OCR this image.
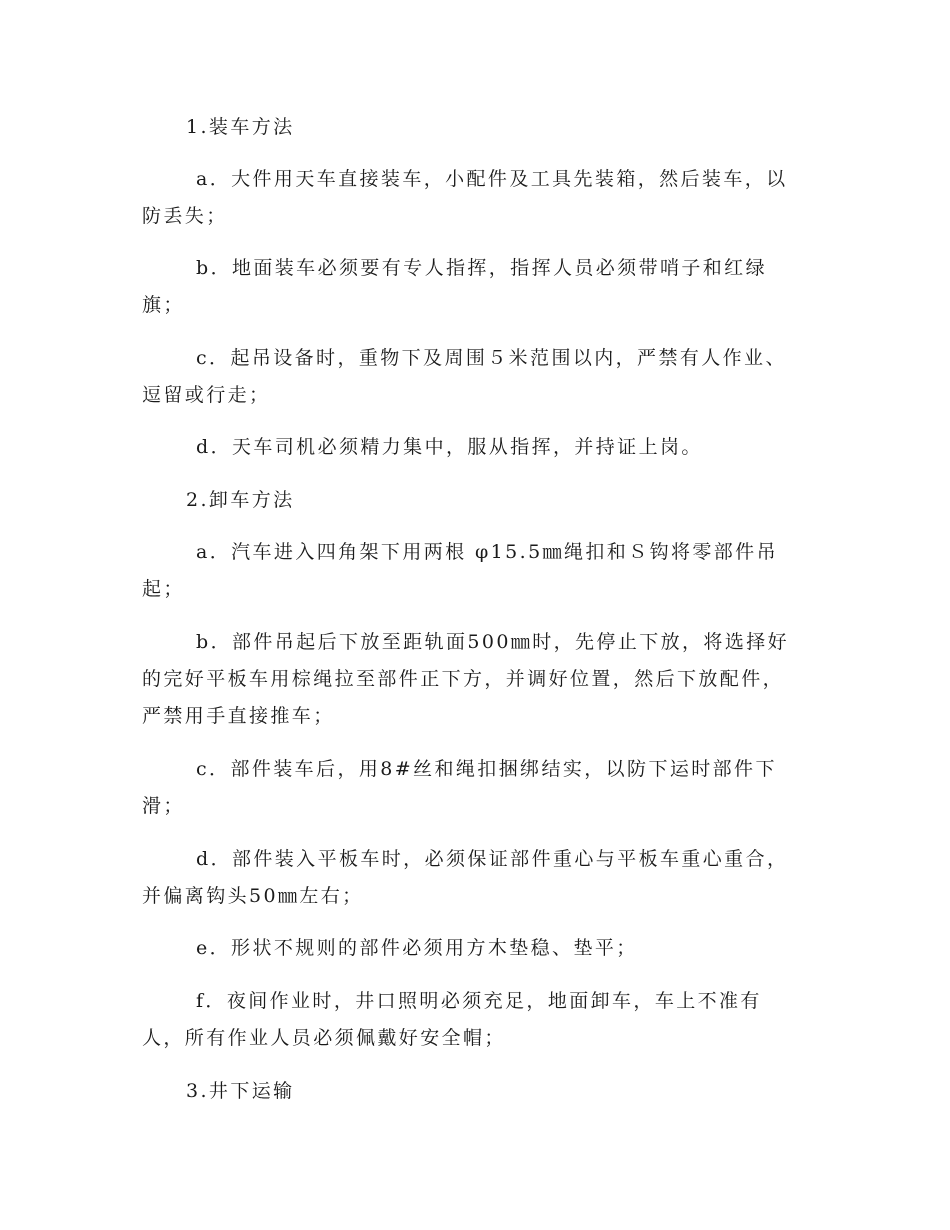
1.装车方法
a．大件用天车直接装车，小配件及工具先装箱，然后装车，以
防丢失；
b．地面装车必须要有专人指挥，指挥人员必须带哨子和红绿
旗；
c．起吊设备时，重物下及周围５米范围以内，严禁有人作业、
逗留或行走；
d．天车司机必须精力集中，服从指挥，并持证上岗。
2.卸车方法
a．汽车进入四角架下用两根 φ15.5㎜绳扣和Ｓ钩将零部件吊
起；
b．部件吊起后下放至距轨面500㎜时，先停止下放，将选择好
的完好平板车用棕绳拉至部件正下方，并调好位置，然后下放配件，
严禁用手直接推车；
c．部件装车后，用8#丝和绳扣捆绑结实，以防下运时部件下
滑；
d．部件装入平板车时，必须保证部件重心与平板车重心重合，
并偏离钩头50㎜左右；
e．形状不规则的部件必须用方木垫稳、垫平；
f．夜间作业时，井口照明必须充足，地面卸车，车上不准有
人，所有作业人员必须佩戴好安全帽；
3.井下运输
